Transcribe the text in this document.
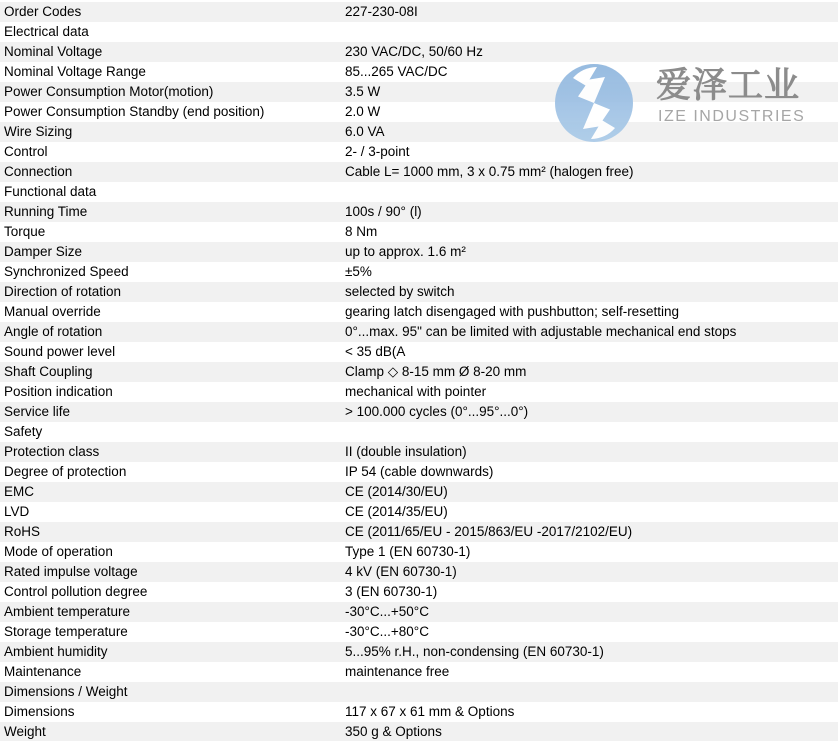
Order Codes	227-230-08I
Electrical data
Nominal Voltage	230 VAC/DC, 50/60 Hz
Nominal Voltage Range	85...265 VAC/DC
Power Consumption Motor(motion)	3.5 W
Power Consumption Standby (end position)	2.0 W
Wire Sizing	6.0 VA
Control	2- / 3-point
Connection	Cable L= 1000 mm, 3 x 0.75 mm² (halogen free)
Functional data
Running Time	100s / 90° (l)
Torque	8 Nm
Damper Size	up to approx. 1.6 m²
Synchronized Speed	±5%
Direction of rotation	selected by switch
Manual override	gearing latch disengaged with pushbutton; self-resetting
Angle of rotation	0°...max. 95" can be limited with adjustable mechanical end stops
Sound power level	< 35 dB(A
Shaft Coupling	Clamp ◇ 8-15 mm Ø 8-20 mm
Position indication	mechanical with pointer
Service life	> 100.000 cycles (0°...95°...0°)
Safety
Protection class	II (double insulation)
Degree of protection	IP 54 (cable downwards)
EMC	CE (2014/30/EU)
LVD	CE (2014/35/EU)
RoHS	CE (2011/65/EU - 2015/863/EU -2017/2102/EU)
Mode of operation	Type 1 (EN 60730-1)
Rated impulse voltage	4 kV (EN 60730-1)
Control pollution degree	3 (EN 60730-1)
Ambient temperature	-30°C...+50°C
Storage temperature	-30°C...+80°C
Ambient humidity	5...95% r.H., non-condensing (EN 60730-1)
Maintenance	maintenance free
Dimensions / Weight
Dimensions	117 x 67 x 61 mm & Options
Weight	350 g & Options
爱泽工业
IZE INDUSTRIES
